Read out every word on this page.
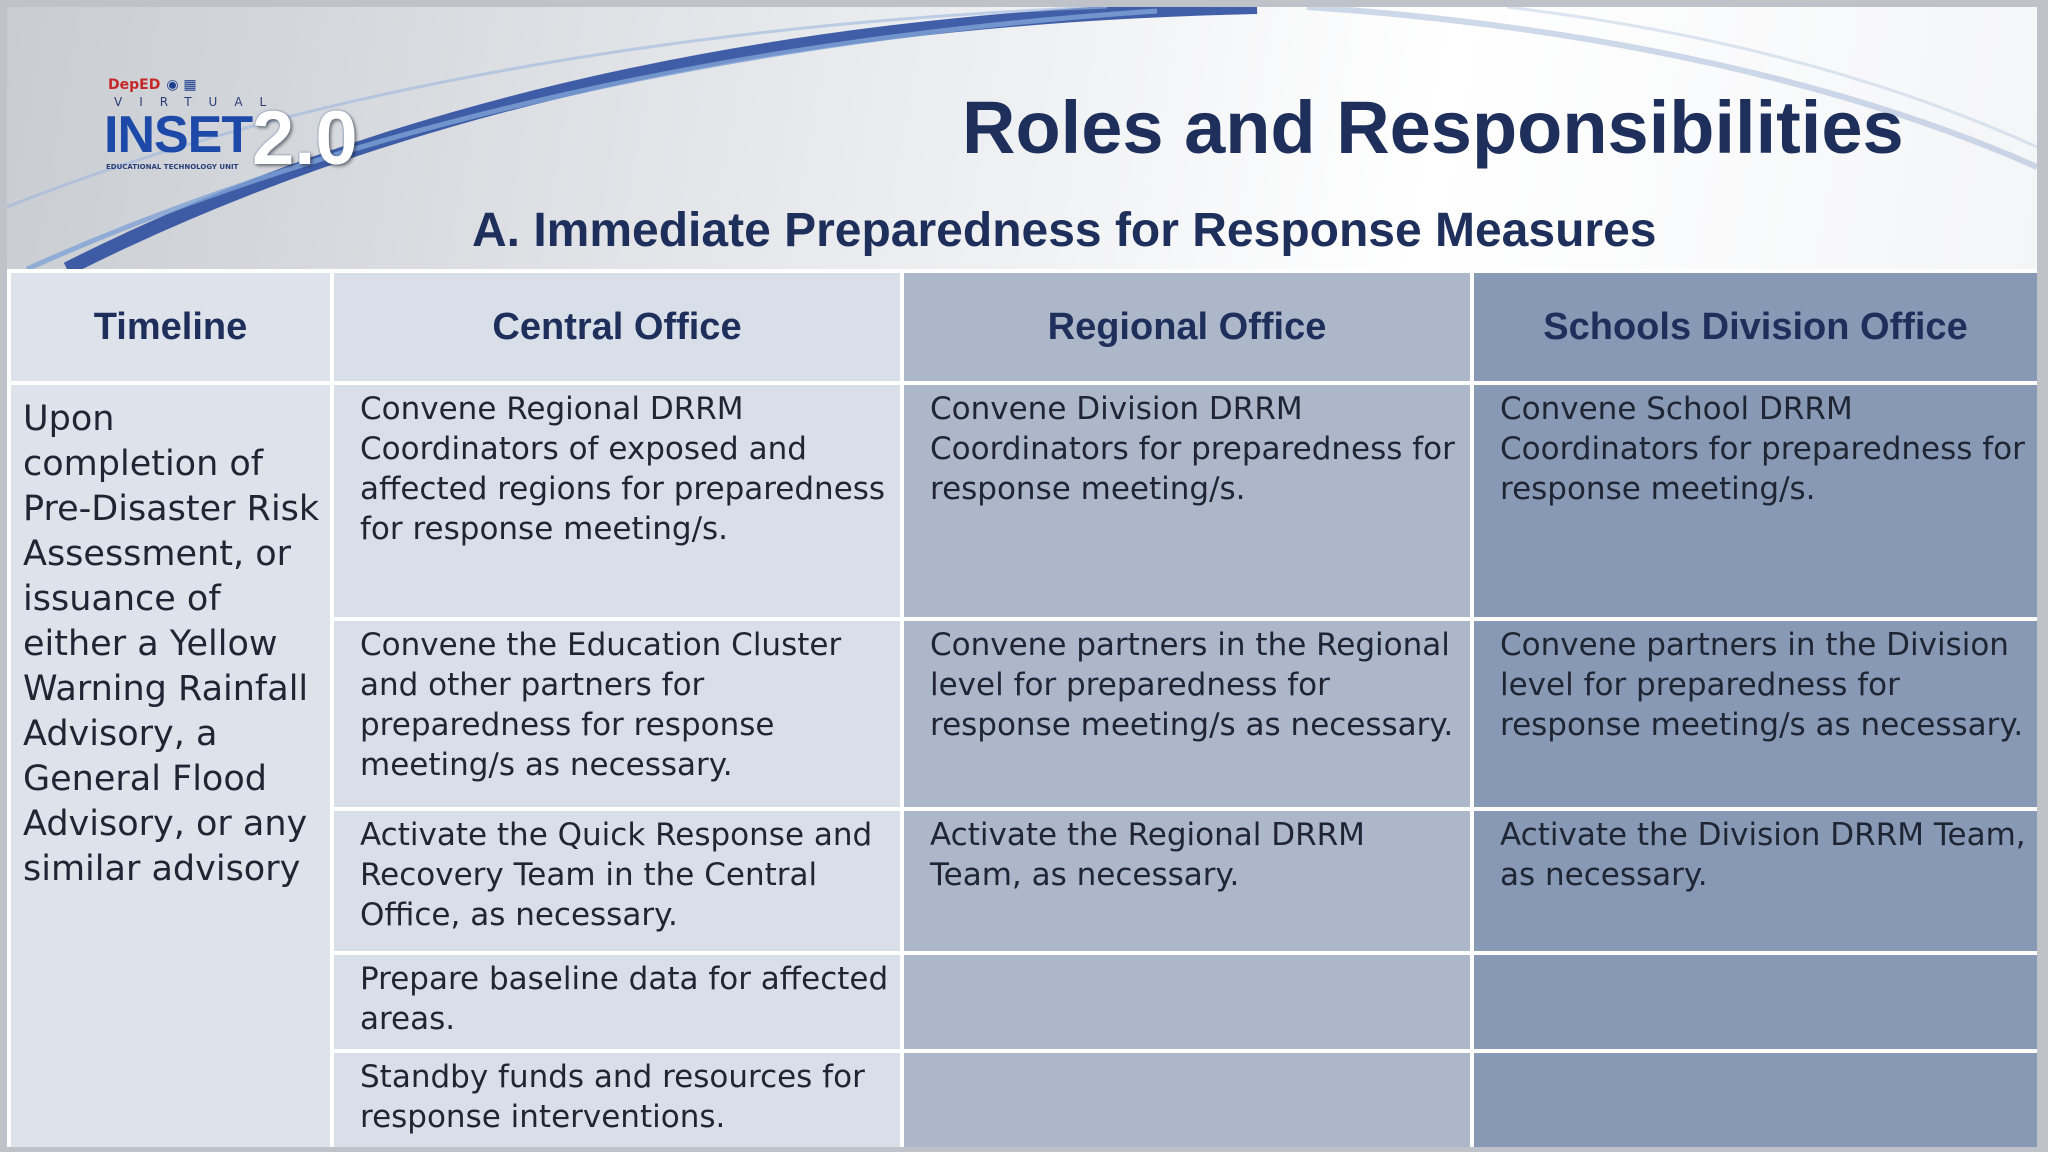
DepED ◉ ▦
VIRTUAL
INSET 2.0
EDUCATIONAL TECHNOLOGY UNIT	Roles and Responsibilities
A. Immediate Preparedness for Response Measures
Timeline	Central Office	Regional Office	Schools Division Office

Upon completion of Pre-Disaster Risk Assessment, or issuance of either a Yellow Warning Rainfall Advisory, a General Flood Advisory, or any similar advisory	Convene Regional DRRM Coordinators of exposed and affected regions for preparedness for response meeting/s.	Convene Division DRRM Coordinators for preparedness for response meeting/s.	Convene School DRRM Coordinators for preparedness for response meeting/s.

	Convene the Education Cluster and other partners for preparedness for response meeting/s as necessary.	Convene partners in the Regional level for preparedness for response meeting/s as necessary.	Convene partners in the Division level for preparedness for response meeting/s as necessary.

	Activate the Quick Response and Recovery Team in the Central Office, as necessary.	Activate the Regional DRRM Team, as necessary.	Activate the Division DRRM Team, as necessary.

	Prepare baseline data for affected areas.		

	Standby funds and resources for response interventions.		
